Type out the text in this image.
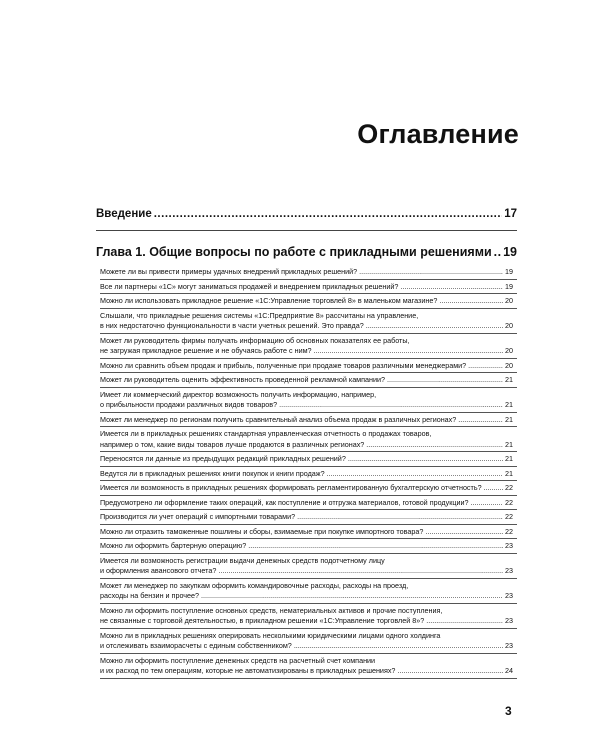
Оглавление
Введение .....	17
Глава 1. Общие вопросы по работе с прикладными решениями ..... 19
Можете ли вы привести примеры удачных внедрений прикладных решений? .....	19
Все ли партнеры «1С» могут заниматься продажей и внедрением прикладных решений? .....	19
Можно ли использовать прикладное решение «1С:Управление торговлей 8» в маленьком магазине? .....	20
Слышали, что прикладные решения системы «1С:Предприятие 8» рассчитаны на управление,
в них недостаточно функциональности в части учетных решений. Это правда? .....	20
Может ли руководитель фирмы получать информацию об основных показателях ее работы,
не загружая прикладное решение и не обучаясь работе с ним? .....	20
Можно ли сравнить объем продаж и прибыль, полученные при продаже товаров различными менеджерами? .....	20
Может ли руководитель оценить эффективность проведенной рекламной кампании? .....	21
Имеет ли коммерческий директор возможность получить информацию, например,
о прибыльности продажи различных видов товаров? .....	21
Может ли менеджер по регионам получить сравнительный анализ объема продаж в различных регионах? .....	21
Имеется ли в прикладных решениях стандартная управленческая отчетность о продажах товаров,
например о том, какие виды товаров лучше продаются в различных регионах? .....	21
Переносятся ли данные из предыдущих редакций прикладных решений? .....	21
Ведутся ли в прикладных решениях книги покупок и книги продаж? .....	21
Имеется ли возможность в прикладных решениях формировать регламентированную бухгалтерскую отчетность? .....	22
Предусмотрено ли оформление таких операций, как поступление и отгрузка материалов, готовой продукции? .....	22
Производится ли учет операций с импортными товарами? .....	22
Можно ли отразить таможенные пошлины и сборы, взимаемые при покупке импортного товара? .....	22
Можно ли оформить бартерную операцию? .....	23
Имеется ли возможность регистрации выдачи денежных средств подотчетному лицу
и оформления авансового отчета? .....	23
Может ли менеджер по закупкам оформить командировочные расходы, расходы на проезд,
расходы на бензин и прочее? .....	23
Можно ли оформить поступление основных средств, нематериальных активов и прочие поступления,
не связанные с торговой деятельностью, в прикладном решении «1С:Управление торговлей 8»? .....	23
Можно ли в прикладных решениях оперировать несколькими юридическими лицами одного холдинга
и отслеживать взаиморасчеты с единым собственником? .....	23
Можно ли оформить поступление денежных средств на расчетный счет компании
и их расход по тем операциям, которые не автоматизированы в прикладных решениях? .....	24
3
